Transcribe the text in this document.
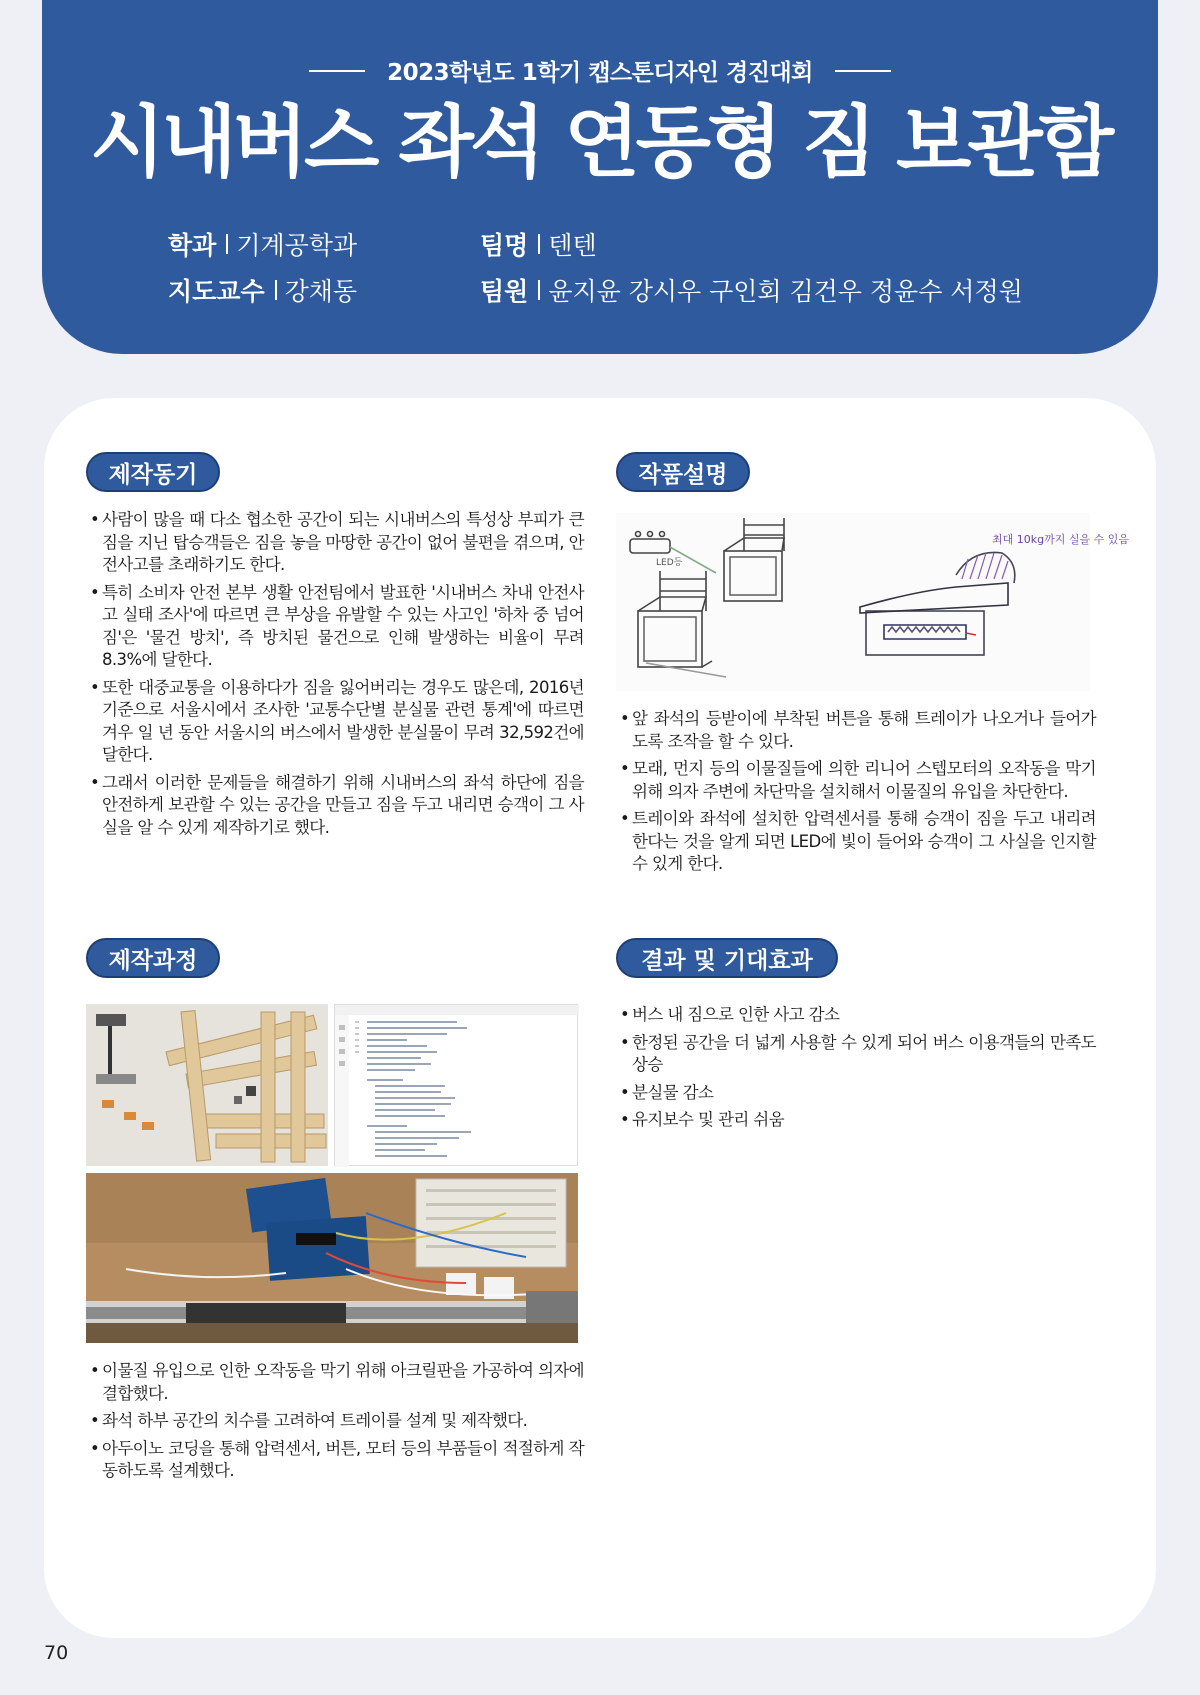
2023학년도 1학기 캡스톤디자인 경진대회
시내버스 좌석 연동형 짐 보관함
학과 기계공학과
지도교수 강채동
팀명 텐텐
팀원 윤지윤 강시우 구인회 김건우 정윤수 서정원
제작동기
• 사람이 많을 때 다소 협소한 공간이 되는 시내버스의 특성상 부피가 큰 짐을 지닌 탑승객들은 짐을 놓을 마땅한 공간이 없어 불편을 겪으며, 안전사고를 초래하기도 한다.
• 특히 소비자 안전 본부 생활 안전팀에서 발표한 '시내버스 차내 안전사고 실태 조사'에 따르면 큰 부상을 유발할 수 있는 사고인 '하차 중 넘어짐'은 '물건 방치', 즉 방치된 물건으로 인해 발생하는 비율이 무려 8.3%에 달한다.
• 또한 대중교통을 이용하다가 짐을 잃어버리는 경우도 많은데, 2016년 기준으로 서울시에서 조사한 '교통수단별 분실물 관련 통계'에 따르면 겨우 일 년 동안 서울시의 버스에서 발생한 분실물이 무려 32,592건에 달한다.
• 그래서 이러한 문제들을 해결하기 위해 시내버스의 좌석 하단에 짐을 안전하게 보관할 수 있는 공간을 만들고 짐을 두고 내리면 승객이 그 사실을 알 수 있게 제작하기로 했다.
작품설명
LED등
최대 10kg까지 실을 수 있음
• 앞 좌석의 등받이에 부착된 버튼을 통해 트레이가 나오거나 들어가도록 조작을 할 수 있다.
• 모래, 먼지 등의 이물질들에 의한 리니어 스텝모터의 오작동을 막기 위해 의자 주변에 차단막을 설치해서 이물질의 유입을 차단한다.
• 트레이와 좌석에 설치한 압력센서를 통해 승객이 짐을 두고 내리려 한다는 것을 알게 되면 LED에 빛이 들어와 승객이 그 사실을 인지할 수 있게 한다.
제작과정
• 이물질 유입으로 인한 오작동을 막기 위해 아크릴판을 가공하여 의자에 결합했다.
• 좌석 하부 공간의 치수를 고려하여 트레이를 설계 및 제작했다.
• 아두이노 코딩을 통해 압력센서, 버튼, 모터 등의 부품들이 적절하게 작동하도록 설계했다.
결과 및 기대효과
• 버스 내 짐으로 인한 사고 감소
• 한정된 공간을 더 넓게 사용할 수 있게 되어 버스 이용객들의 만족도 상승
• 분실물 감소
• 유지보수 및 관리 쉬움
70
